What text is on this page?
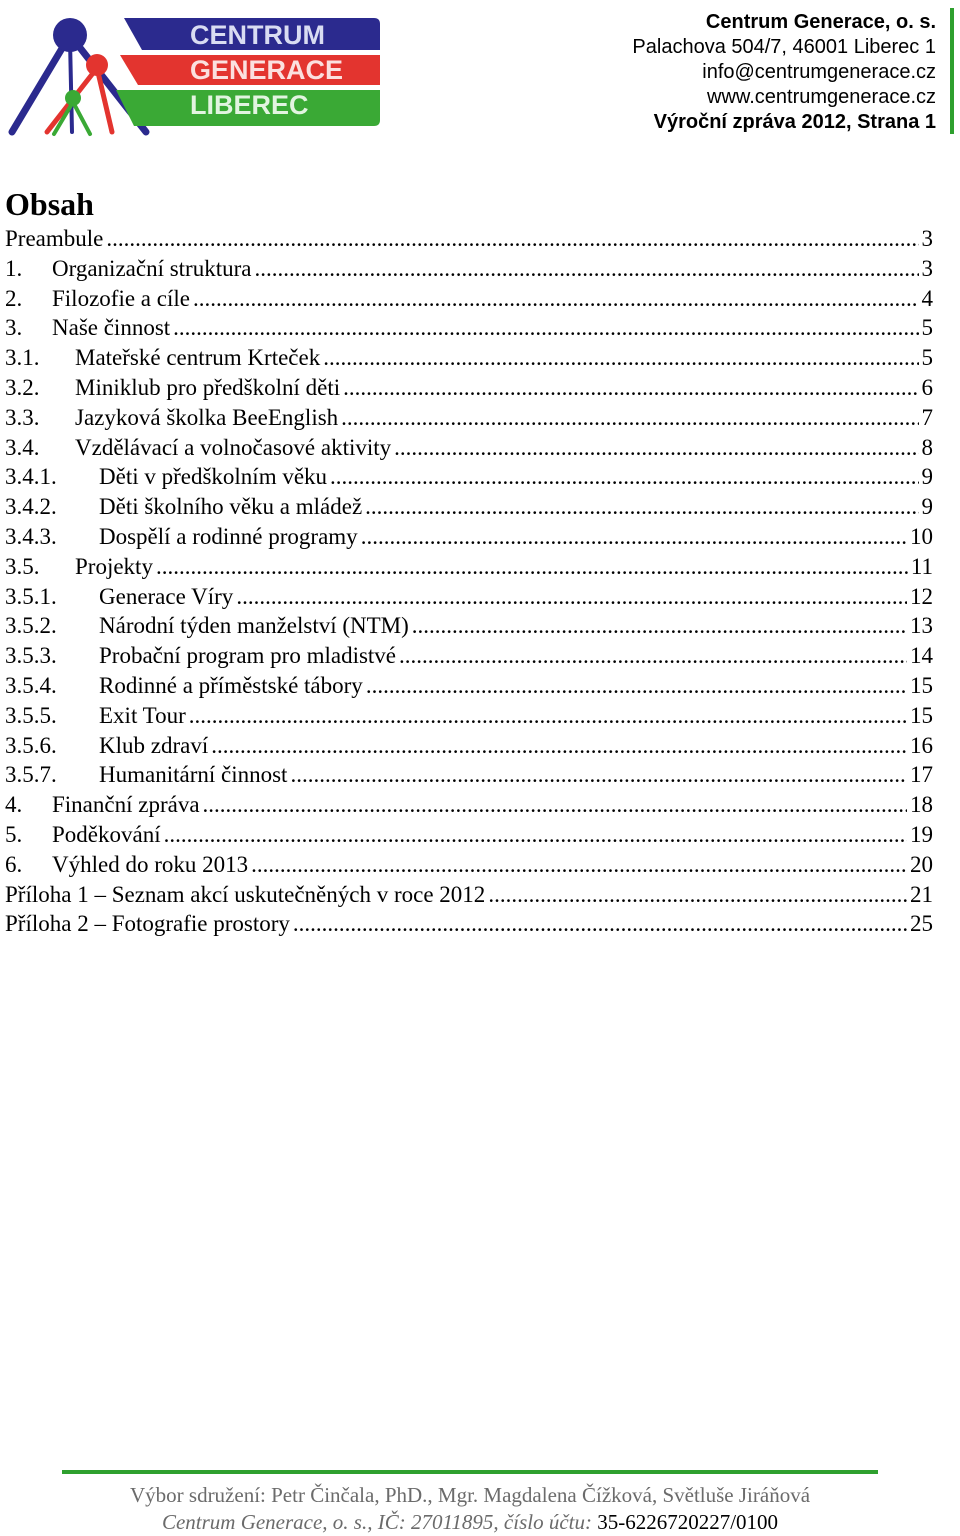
CENTRUM
GENERACE
LIBEREC
Centrum Generace, o. s.
Palachova 504/7, 46001 Liberec 1
info@centrumgenerace.cz
www.centrumgenerace.cz
Výroční zpráva 2012, Strana 1
Obsah
Preambule .....	3
1.	Organizační struktura .....	3
2.	Filozofie a cíle .....	4
3.	Naše činnost .....	5
3.1.	Mateřské centrum Krteček .....	5
3.2.	Miniklub pro předškolní děti .....	6
3.3.	Jazyková školka BeeEnglish .....	7
3.4.	Vzdělávací a volnočasové aktivity .....	8
3.4.1.	Děti v předškolním věku .....	9
3.4.2.	Děti školního věku a mládež .....	9
3.4.3.	Dospělí a rodinné programy .....	10
3.5.	Projekty .....	11
3.5.1.	Generace Víry .....	12
3.5.2.	Národní týden manželství (NTM) .....	13
3.5.3.	Probační program pro mladistvé .....	14
3.5.4.	Rodinné a příměstské tábory .....	15
3.5.5.	Exit Tour .....	15
3.5.6.	Klub zdraví .....	16
3.5.7.	Humanitární činnost .....	17
4.	Finanční zpráva .....	18
5.	Poděkování .....	19
6.	Výhled do roku 2013 .....	20
Příloha 1 – Seznam akcí uskutečněných v roce 2012 .....	21
Příloha 2 – Fotografie prostory .....	25
Výbor sdružení: Petr Činčala, PhD., Mgr. Magdalena Čížková, Světluše Jiráňová
Centrum Generace, o. s., IČ: 27011895, číslo účtu: 35-6226720227/0100
